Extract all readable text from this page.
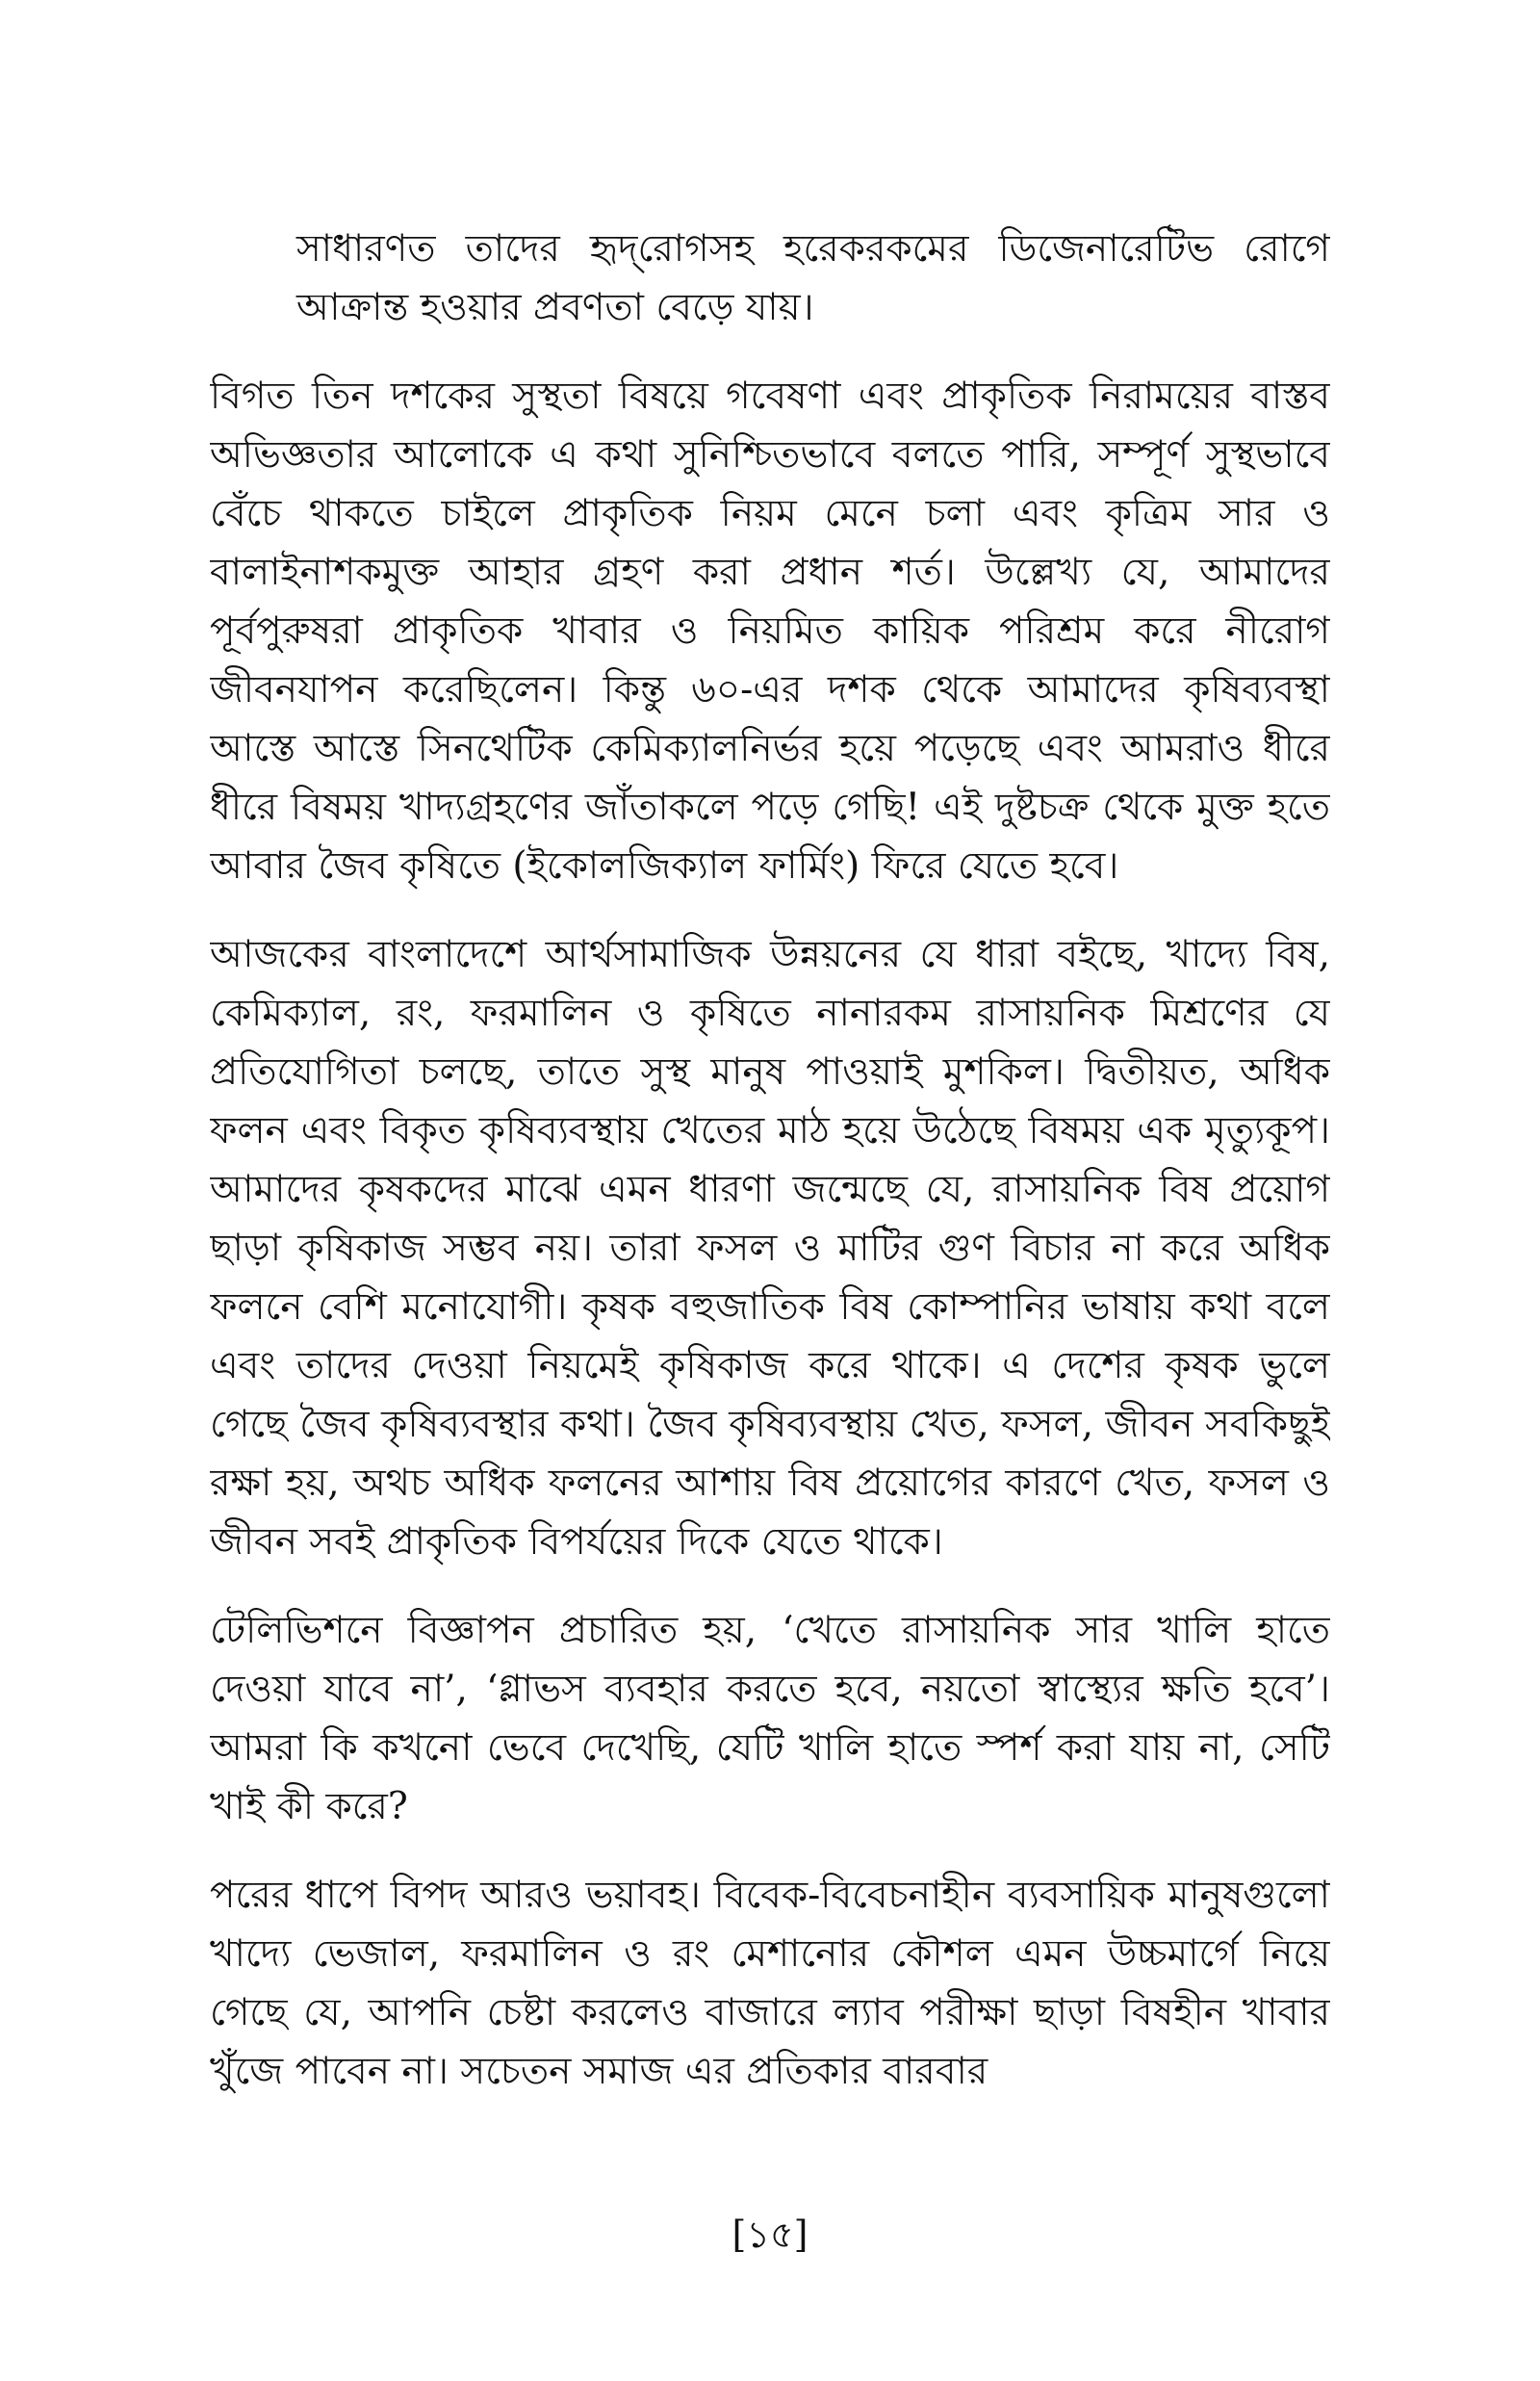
সাধারণত তাদের হৃদ্‌রোগসহ হরেকরকমের ডিজেনারেটিভ রোগে আক্রান্ত হওয়ার প্রবণতা বেড়ে যায়।

বিগত তিন দশকের সুস্থতা বিষয়ে গবেষণা এবং প্রাকৃতিক নিরাময়ের বাস্তব অভিজ্ঞতার আলোকে এ কথা সুনিশ্চিতভাবে বলতে পারি, সম্পূর্ণ সুস্থভাবে বেঁচে থাকতে চাইলে প্রাকৃতিক নিয়ম মেনে চলা এবং কৃত্রিম সার ও বালাইনাশকমুক্ত আহার গ্রহণ করা প্রধান শর্ত। উল্লেখ্য যে, আমাদের পূর্বপুরুষরা প্রাকৃতিক খাবার ও নিয়মিত কায়িক পরিশ্রম করে নীরোগ জীবনযাপন করেছিলেন। কিন্তু ৬০-এর দশক থেকে আমাদের কৃষিব্যবস্থা আস্তে আস্তে সিনথেটিক কেমিক্যালনির্ভর হয়ে পড়েছে এবং আমরাও ধীরে ধীরে বিষময় খাদ্যগ্রহণের জাঁতাকলে পড়ে গেছি! এই দুষ্টচক্র থেকে মুক্ত হতে আবার জৈব কৃষিতে (ইকোলজিক্যাল ফার্মিং) ফিরে যেতে হবে।

আজকের বাংলাদেশে আর্থসামাজিক উন্নয়নের যে ধারা বইছে, খাদ্যে বিষ, কেমিক্যাল, রং, ফরমালিন ও কৃষিতে নানারকম রাসায়নিক মিশ্রণের যে প্রতিযোগিতা চলছে, তাতে সুস্থ মানুষ পাওয়াই মুশকিল। দ্বিতীয়ত, অধিক ফলন এবং বিকৃত কৃষিব্যবস্থায় খেতের মাঠ হয়ে উঠেছে বিষময় এক মৃত্যুকূপ। আমাদের কৃষকদের মাঝে এমন ধারণা জন্মেছে যে, রাসায়নিক বিষ প্রয়োগ ছাড়া কৃষিকাজ সম্ভব নয়। তারা ফসল ও মাটির গুণ বিচার না করে অধিক ফলনে বেশি মনোযোগী। কৃষক বহুজাতিক বিষ কোম্পানির ভাষায় কথা বলে এবং তাদের দেওয়া নিয়মেই কৃষিকাজ করে থাকে। এ দেশের কৃষক ভুলে গেছে জৈব কৃষিব্যবস্থার কথা। জৈব কৃষিব্যবস্থায় খেত, ফসল, জীবন সবকিছুই রক্ষা হয়, অথচ অধিক ফলনের আশায় বিষ প্রয়োগের কারণে খেত, ফসল ও জীবন সবই প্রাকৃতিক বিপর্যয়ের দিকে যেতে থাকে।

টেলিভিশনে বিজ্ঞাপন প্রচারিত হয়, ‘খেতে রাসায়নিক সার খালি হাতে দেওয়া যাবে না’, ‘গ্লাভস ব্যবহার করতে হবে, নয়তো স্বাস্থ্যের ক্ষতি হবে’। আমরা কি কখনো ভেবে দেখেছি, যেটি খালি হাতে স্পর্শ করা যায় না, সেটি খাই কী করে?

পরের ধাপে বিপদ আরও ভয়াবহ। বিবেক-বিবেচনাহীন ব্যবসায়িক মানুষগুলো খাদ্যে ভেজাল, ফরমালিন ও রং মেশানোর কৌশল এমন উচ্চমার্গে নিয়ে গেছে যে, আপনি চেষ্টা করলেও বাজারে ল্যাব পরীক্ষা ছাড়া বিষহীন খাবার খুঁজে পাবেন না। সচেতন সমাজ এর প্রতিকার বারবার

[১৫]
